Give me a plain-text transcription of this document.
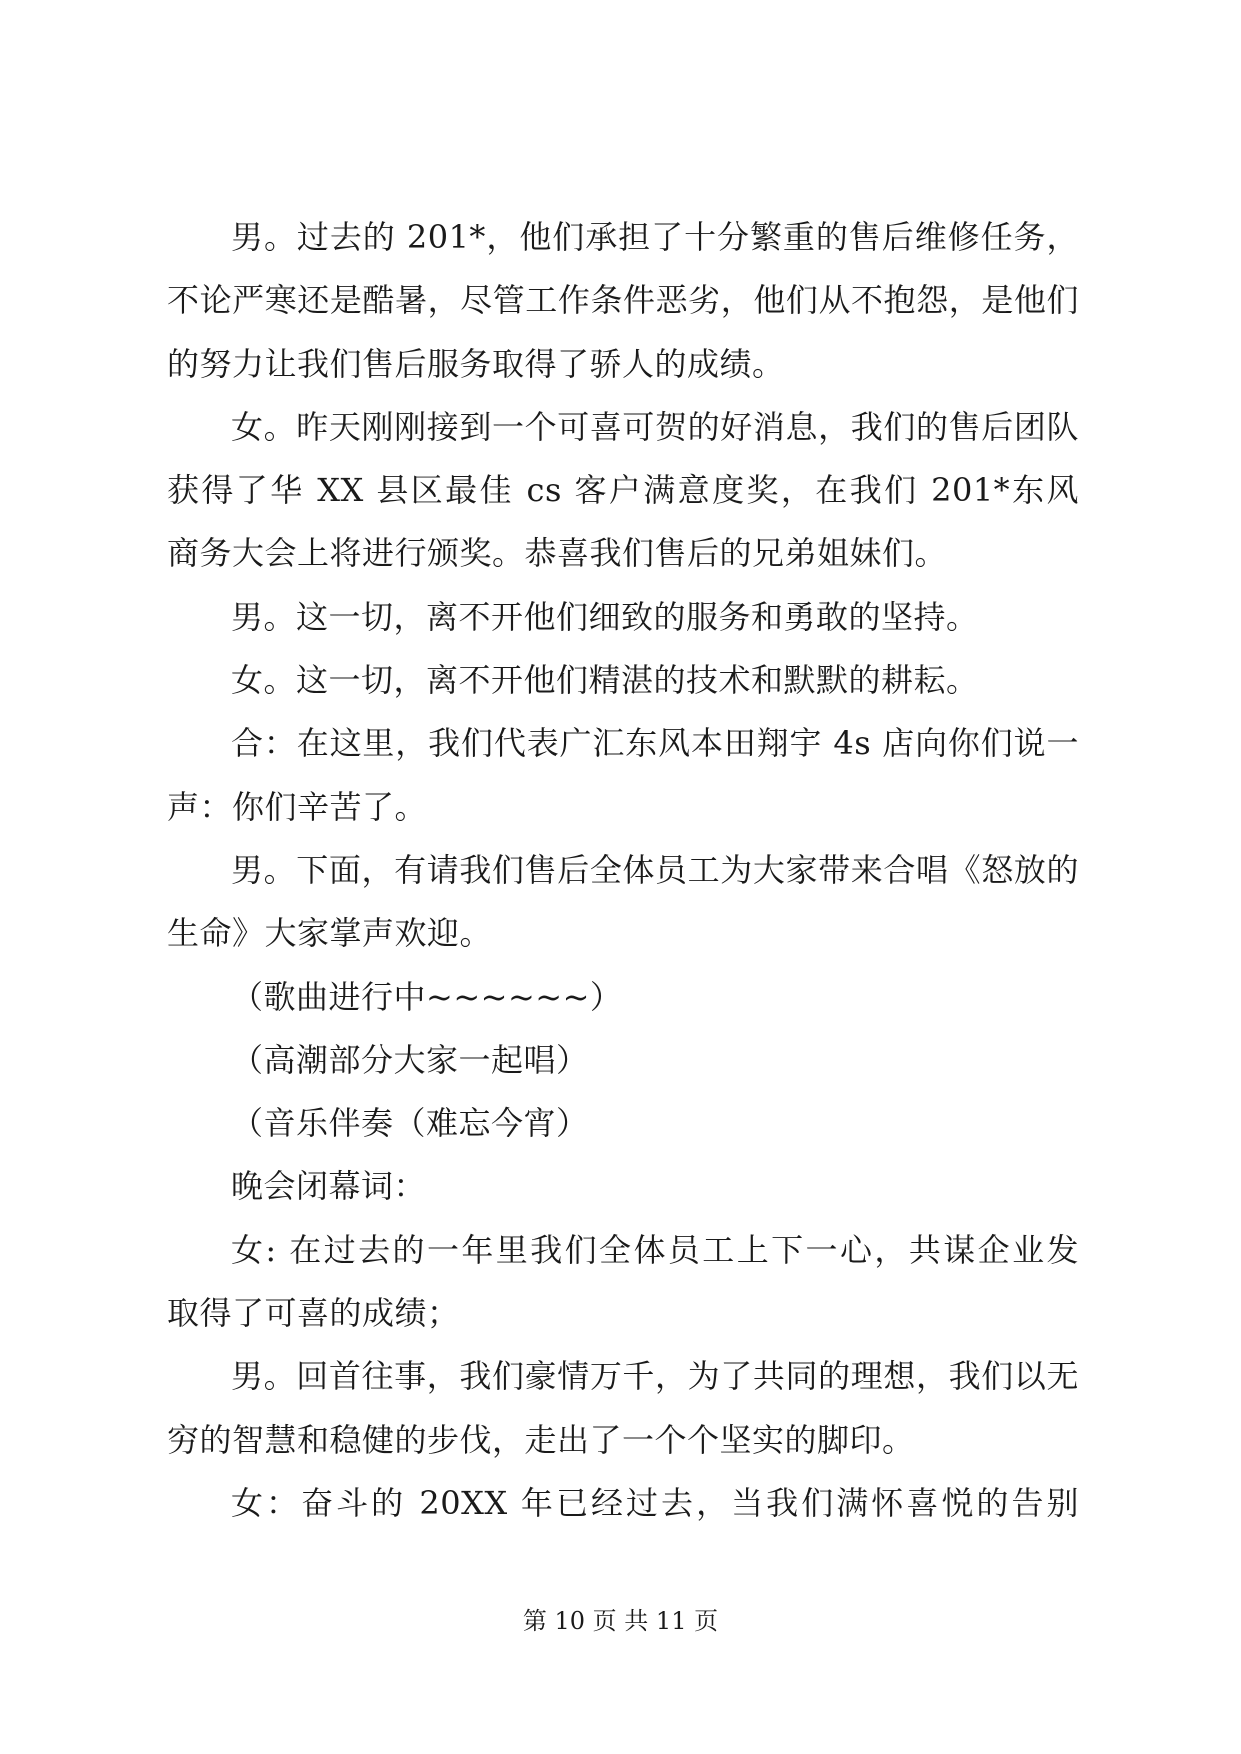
男。过去的 201*，他们承担了十分繁重的售后维修任务，
不论严寒还是酷暑，尽管工作条件恶劣，他们从不抱怨，是他们
的努力让我们售后服务取得了骄人的成绩。
女。昨天刚刚接到一个可喜可贺的好消息，我们的售后团队
获得了华 XX 县区最佳 cs 客户满意度奖，在我们 201*东风
商务大会上将进行颁奖。恭喜我们售后的兄弟姐妹们。
男。这一切，离不开他们细致的服务和勇敢的坚持。
女。这一切，离不开他们精湛的技术和默默的耕耘。
合：在这里，我们代表广汇东风本田翔宇 4s 店向你们说一
声：你们辛苦了。
男。下面，有请我们售后全体员工为大家带来合唱《怒放的
生命》大家掌声欢迎。
（歌曲进行中~~~~~~）
（高潮部分大家一起唱）
（音乐伴奏（难忘今宵）
晚会闭幕词：
女: 在过去的一年里我们全体员工上下一心，共谋企业发
取得了可喜的成绩；
男。回首往事，我们豪情万千，为了共同的理想，我们以无
穷的智慧和稳健的步伐，走出了一个个坚实的脚印。
女：奋斗的 20XX 年已经过去，当我们满怀喜悦的告别
第 10 页 共 11 页
